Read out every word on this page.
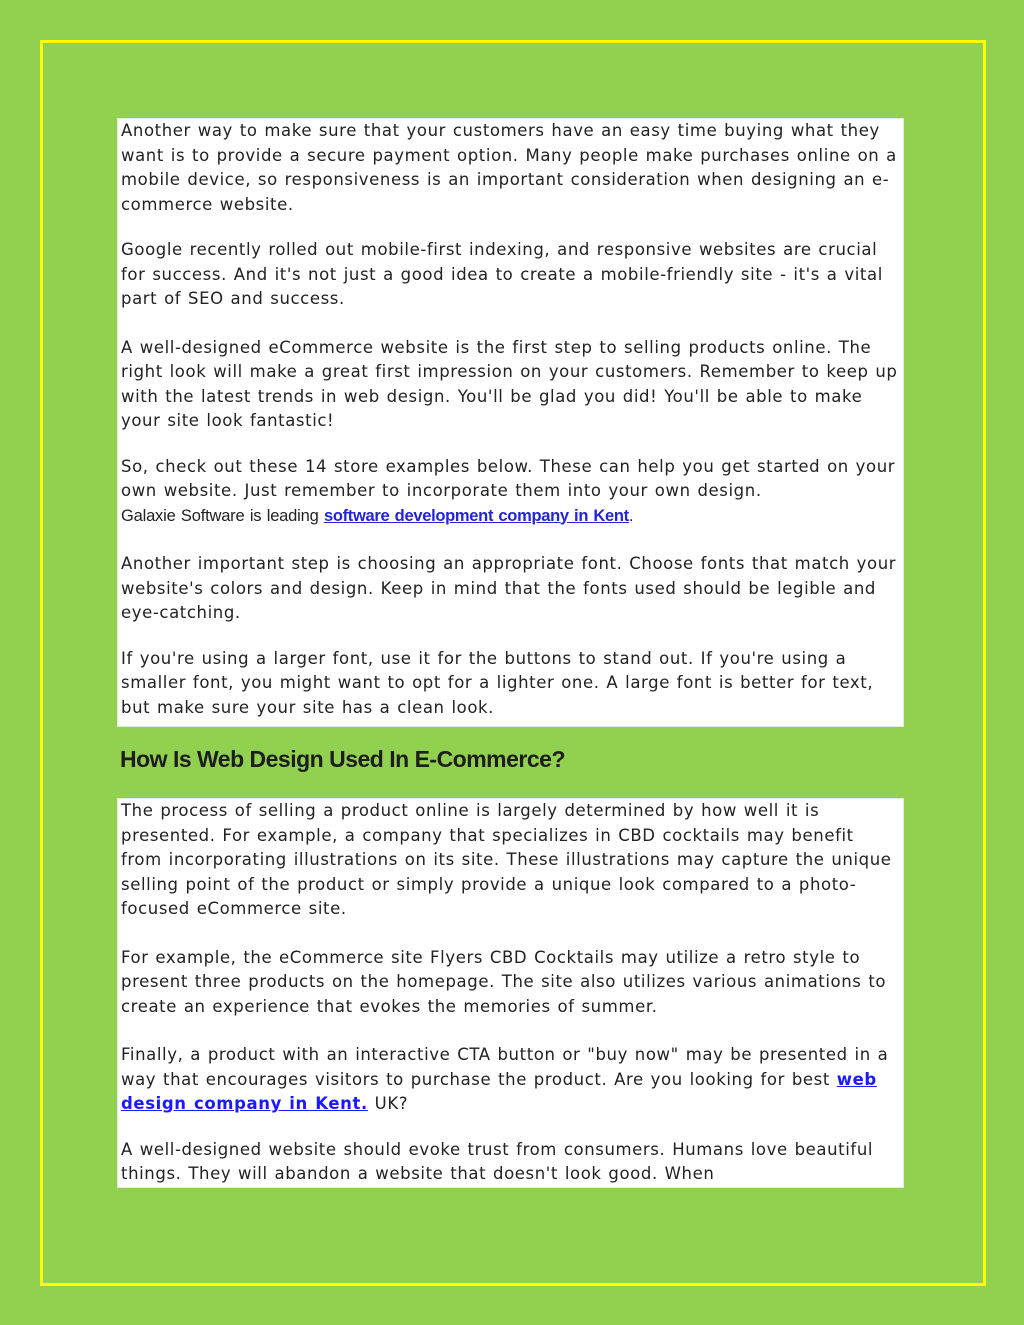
Another way to make sure that your customers have an easy time buying what they want is to provide a secure payment option. Many people make purchases online on a mobile device, so responsiveness is an important consideration when designing an e-commerce website.

Google recently rolled out mobile-first indexing, and responsive websites are crucial for success. And it's not just a good idea to create a mobile-friendly site - it's a vital part of SEO and success.

A well-designed eCommerce website is the first step to selling products online. The right look will make a great first impression on your customers. Remember to keep up with the latest trends in web design. You'll be glad you did! You'll be able to make your site look fantastic!

So, check out these 14 store examples below. These can help you get started on your own website. Just remember to incorporate them into your own design.
Galaxie Software is leading software development company in Kent.

Another important step is choosing an appropriate font. Choose fonts that match your website's colors and design. Keep in mind that the fonts used should be legible and eye-catching.

If you're using a larger font, use it for the buttons to stand out. If you're using a smaller font, you might want to opt for a lighter one. A large font is better for text, but make sure your site has a clean look.

How Is Web Design Used In E-Commerce?

The process of selling a product online is largely determined by how well it is presented. For example, a company that specializes in CBD cocktails may benefit from incorporating illustrations on its site. These illustrations may capture the unique selling point of the product or simply provide a unique look compared to a photo-focused eCommerce site.

For example, the eCommerce site Flyers CBD Cocktails may utilize a retro style to present three products on the homepage. The site also utilizes various animations to create an experience that evokes the memories of summer.

Finally, a product with an interactive CTA button or "buy now" may be presented in a way that encourages visitors to purchase the product. Are you looking for best web design company in Kent. UK?

A well-designed website should evoke trust from consumers. Humans love beautiful things. They will abandon a website that doesn't look good. When
